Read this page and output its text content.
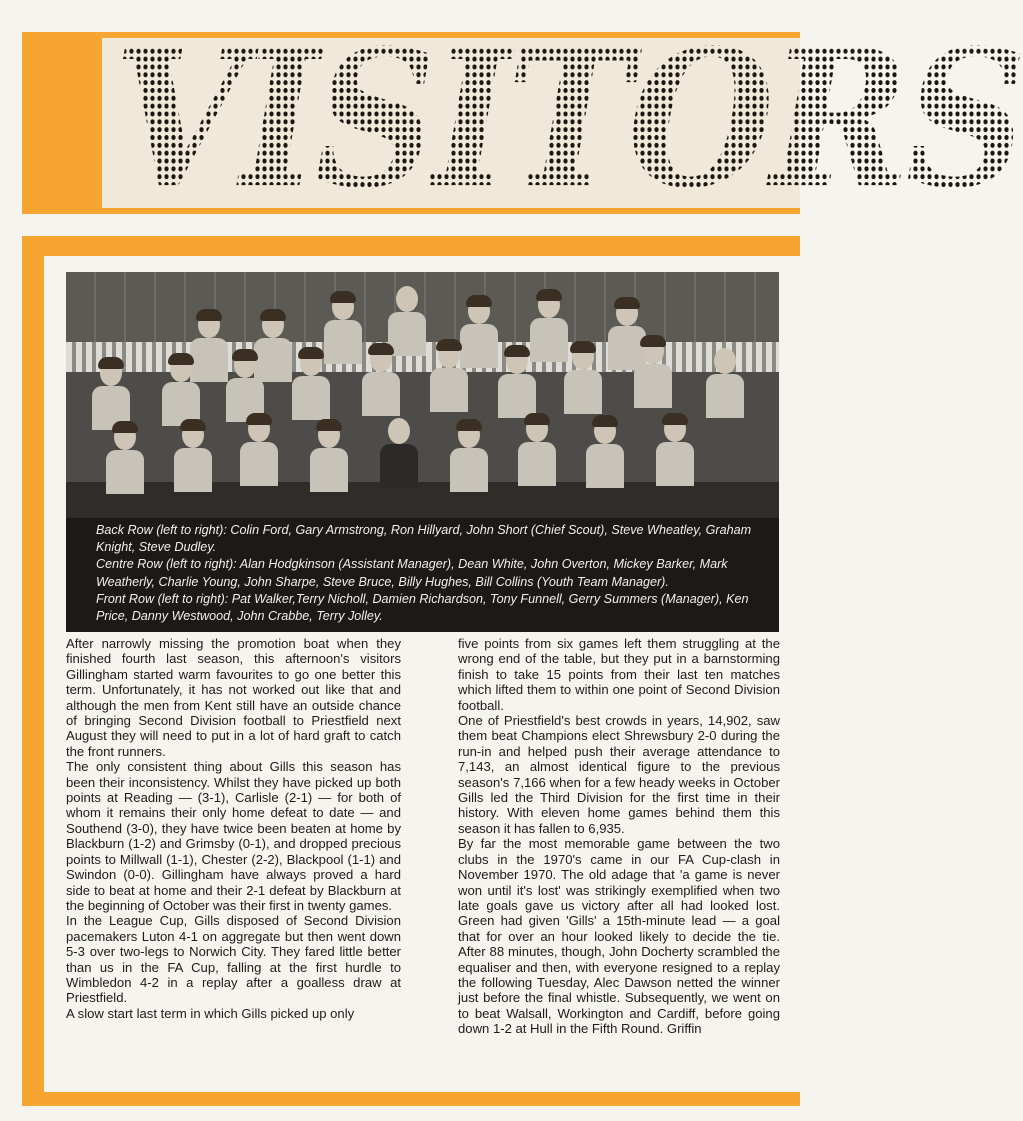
VISITORS

Back Row (left to right): Colin Ford, Gary Armstrong, Ron Hillyard, John Short (Chief Scout), Steve Wheatley, Graham Knight, Steve Dudley.

Centre Row (left to right): Alan Hodgkinson (Assistant Manager), Dean White, John Overton, Mickey Barker, Mark Weatherly, Charlie Young, John Sharpe, Steve Bruce, Billy Hughes, Bill Collins (Youth Team Manager).

Front Row (left to right): Pat Walker,Terry Nicholl, Damien Richardson, Tony Funnell, Gerry Summers (Manager), Ken Price, Danny Westwood, John Crabbe, Terry Jolley.

After narrowly missing the promotion boat when they finished fourth last season, this afternoon's visitors Gillingham started warm favourites to go one better this term. Unfortunately, it has not worked out like that and although the men from Kent still have an outside chance of bringing Second Division football to Priestfield next August they will need to put in a lot of hard graft to catch the front runners.

The only consistent thing about Gills this season has been their inconsistency. Whilst they have picked up both points at Reading — (3-1), Carlisle (2-1) — for both of whom it remains their only home defeat to date — and Southend (3-0), they have twice been beaten at home by Blackburn (1-2) and Grimsby (0-1), and dropped precious points to Millwall (1-1), Chester (2-2), Blackpool (1-1) and Swindon (0-0). Gillingham have always proved a hard side to beat at home and their 2-1 defeat by Blackburn at the beginning of October was their first in twenty games.

In the League Cup, Gills disposed of Second Division pacemakers Luton 4-1 on aggregate but then went down 5-3 over two-legs to Norwich City. They fared little better than us in the FA Cup, falling at the first hurdle to Wimbledon 4-2 in a replay after a goalless draw at Priestfield.

A slow start last term in which Gills picked up only

five points from six games left them struggling at the wrong end of the table, but they put in a barnstorming finish to take 15 points from their last ten matches which lifted them to within one point of Second Division football.

One of Priestfield's best crowds in years, 14,902, saw them beat Champions elect Shrewsbury 2-0 during the run-in and helped push their average attendance to 7,143, an almost identical figure to the previous season's 7,166 when for a few heady weeks in October Gills led the Third Division for the first time in their history. With eleven home games behind them this season it has fallen to 6,935.

By far the most memorable game between the two clubs in the 1970's came in our FA Cup-clash in November 1970. The old adage that 'a game is never won until it's lost' was strikingly exemplified when two late goals gave us victory after all had looked lost. Green had given 'Gills' a 15th-minute lead — a goal that for over an hour looked likely to decide the tie. After 88 minutes, though, John Docherty scrambled the equaliser and then, with everyone resigned to a replay the following Tuesday, Alec Dawson netted the winner just before the final whistle. Subsequently, we went on to beat Walsall, Workington and Cardiff, before going down 1-2 at Hull in the Fifth Round. Griffin
